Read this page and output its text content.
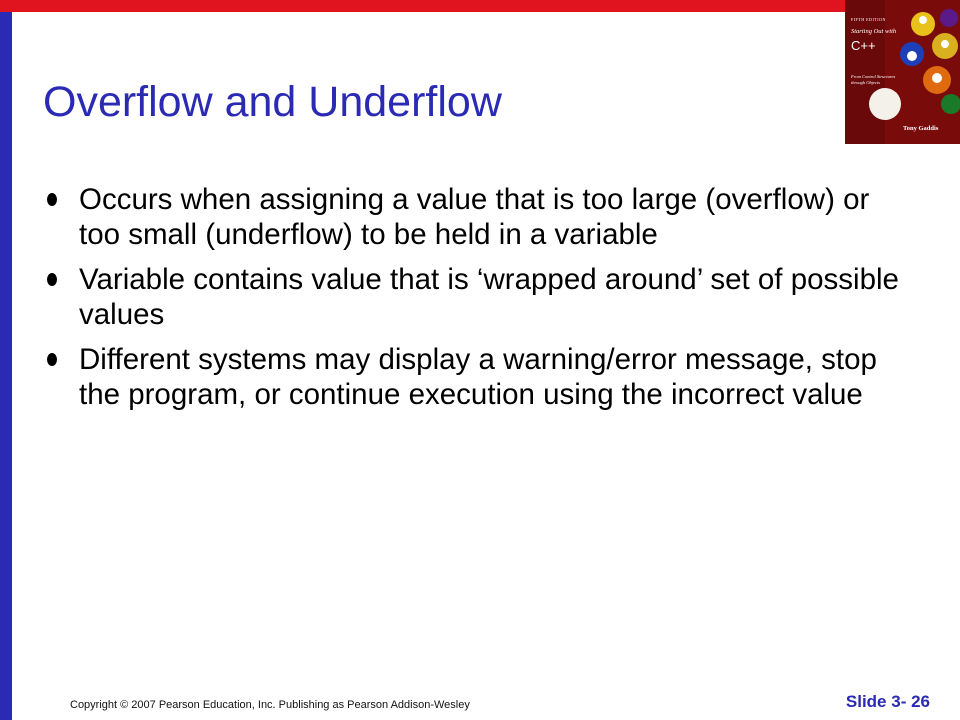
Overflow and Underflow
Occurs when assigning a value that is too large (overflow) or too small (underflow) to be held in a variable
Variable contains value that is ‘wrapped around’ set of possible values
Different systems may display a warning/error message, stop the program, or continue execution using the incorrect value
FIFTH EDITION
Starting Out with
C++
From Control Structures
through Objects
5
Tony Gaddis
Copyright © 2007 Pearson Education, Inc. Publishing as Pearson Addison-Wesley	Slide 3- 26
